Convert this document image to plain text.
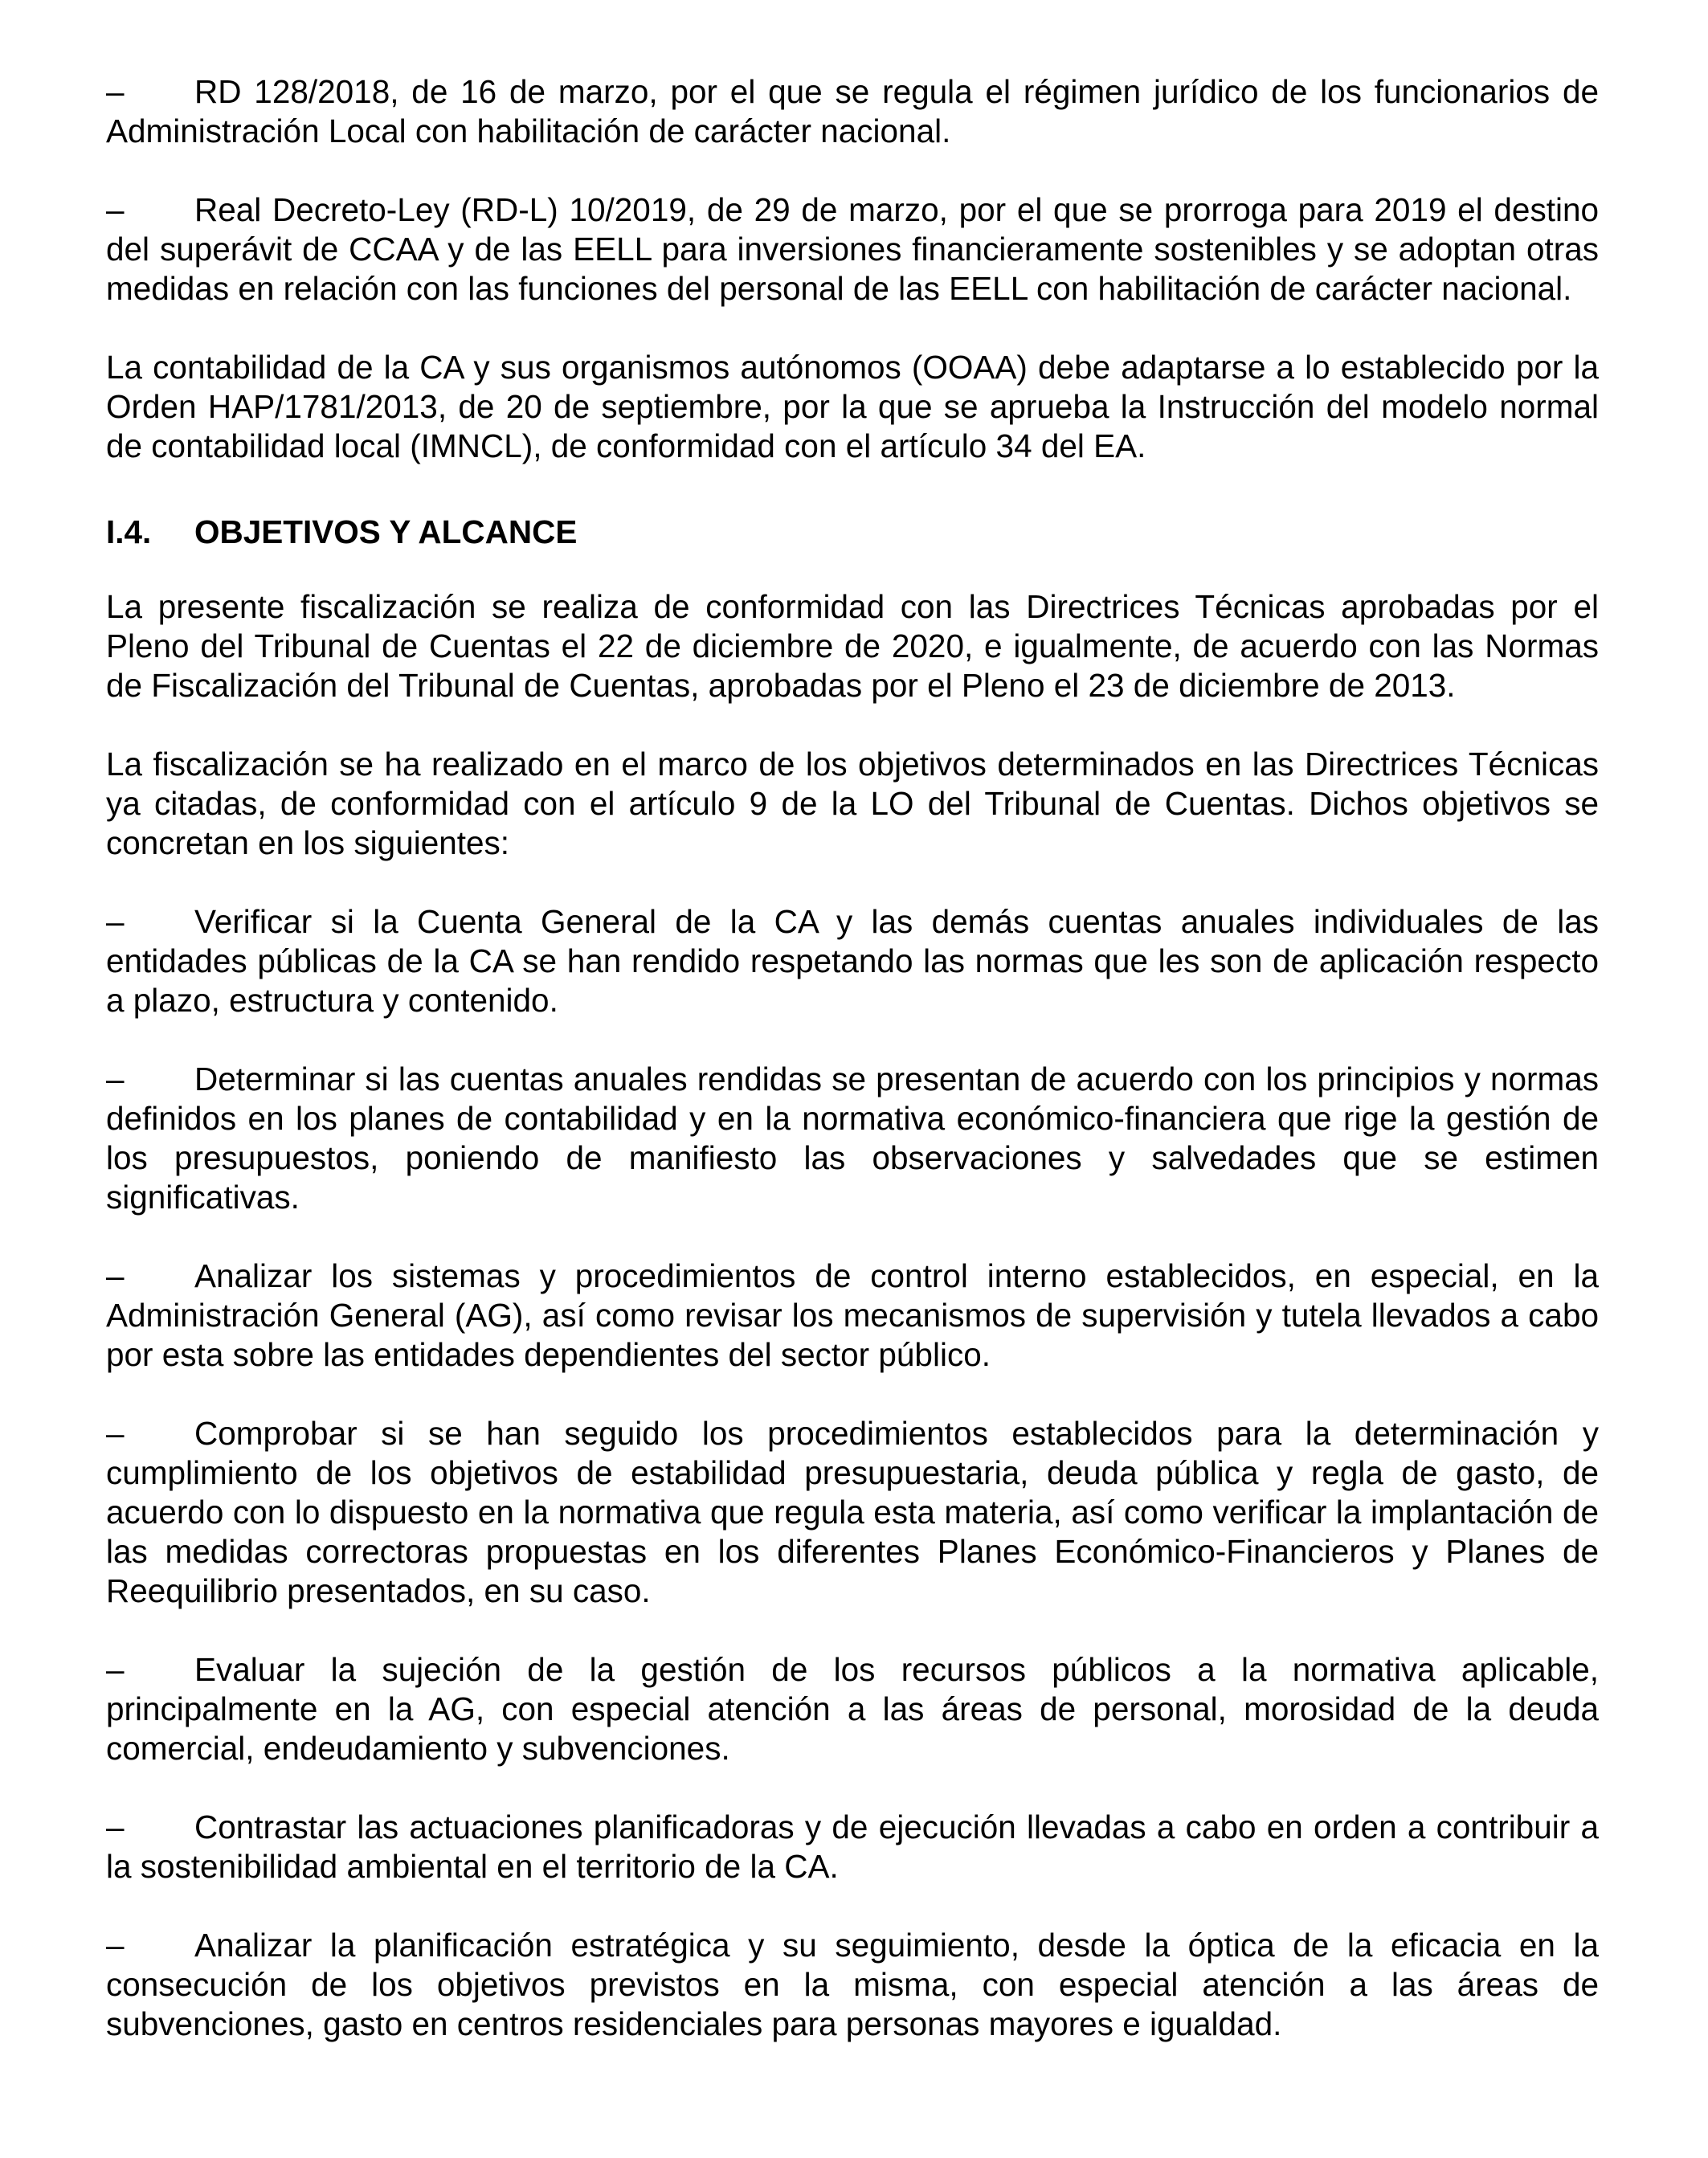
– RD 128/2018, de 16 de marzo, por el que se regula el régimen jurídico de los funcionarios de Administración Local con habilitación de carácter nacional.

– Real Decreto-Ley (RD-L) 10/2019, de 29 de marzo, por el que se prorroga para 2019 el destino del superávit de CCAA y de las EELL para inversiones financieramente sostenibles y se adoptan otras medidas en relación con las funciones del personal de las EELL con habilitación de carácter nacional.

La contabilidad de la CA y sus organismos autónomos (OOAA) debe adaptarse a lo establecido por la Orden HAP/1781/2013, de 20 de septiembre, por la que se aprueba la Instrucción del modelo normal de contabilidad local (IMNCL), de conformidad con el artículo 34 del EA.

I.4.	OBJETIVOS Y ALCANCE

La presente fiscalización se realiza de conformidad con las Directrices Técnicas aprobadas por el Pleno del Tribunal de Cuentas el 22 de diciembre de 2020, e igualmente, de acuerdo con las Normas de Fiscalización del Tribunal de Cuentas, aprobadas por el Pleno el 23 de diciembre de 2013.

La fiscalización se ha realizado en el marco de los objetivos determinados en las Directrices Técnicas ya citadas, de conformidad con el artículo 9 de la LO del Tribunal de Cuentas. Dichos objetivos se concretan en los siguientes:

– Verificar si la Cuenta General de la CA y las demás cuentas anuales individuales de las entidades públicas de la CA se han rendido respetando las normas que les son de aplicación respecto a plazo, estructura y contenido.

– Determinar si las cuentas anuales rendidas se presentan de acuerdo con los principios y normas definidos en los planes de contabilidad y en la normativa económico-financiera que rige la gestión de los presupuestos, poniendo de manifiesto las observaciones y salvedades que se estimen significativas.

– Analizar los sistemas y procedimientos de control interno establecidos, en especial, en la Administración General (AG), así como revisar los mecanismos de supervisión y tutela llevados a cabo por esta sobre las entidades dependientes del sector público.

– Comprobar si se han seguido los procedimientos establecidos para la determinación y cumplimiento de los objetivos de estabilidad presupuestaria, deuda pública y regla de gasto, de acuerdo con lo dispuesto en la normativa que regula esta materia, así como verificar la implantación de las medidas correctoras propuestas en los diferentes Planes Económico-Financieros y Planes de Reequilibrio presentados, en su caso.

– Evaluar la sujeción de la gestión de los recursos públicos a la normativa aplicable, principalmente en la AG, con especial atención a las áreas de personal, morosidad de la deuda comercial, endeudamiento y subvenciones.

– Contrastar las actuaciones planificadoras y de ejecución llevadas a cabo en orden a contribuir a la sostenibilidad ambiental en el territorio de la CA.

– Analizar la planificación estratégica y su seguimiento, desde la óptica de la eficacia en la consecución de los objetivos previstos en la misma, con especial atención a las áreas de subvenciones, gasto en centros residenciales para personas mayores e igualdad.
